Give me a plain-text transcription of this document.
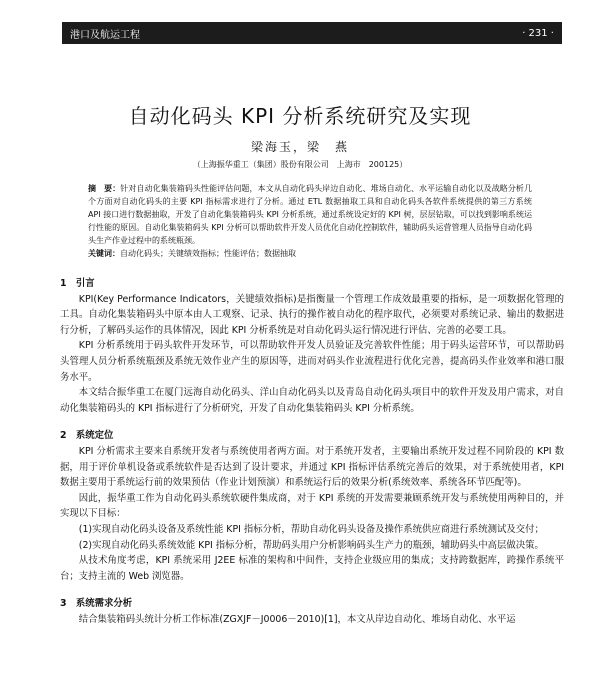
港口及航运工程	· 231 ·
自动化码头 KPI 分析系统研究及实现
梁海玉，梁　燕
（上海振华重工（集团）股份有限公司　上海市　200125）
摘　要：针对自动化集装箱码头性能评估问题，本文从自动化码头岸边自动化、堆场自动化、水平运输自动化以及战略分析几个方面对自动化码头的主要 KPI 指标需求进行了分析。通过 ETL 数据抽取工具和自动化码头各软件系统提供的第三方系统 API 接口进行数据抽取，开发了自动化集装箱码头 KPI 分析系统，通过系统设定好的 KPI 树，层层钻取，可以找到影响系统运行性能的原因。自动化集装箱码头 KPI 分析可以帮助软件开发人员优化自动化控制软件，辅助码头运营管理人员指导自动化码头生产作业过程中的系统瓶颈。
关键词：自动化码头；关键绩效指标；性能评估；数据抽取
1　引言

KPI(Key Performance Indicators，关键绩效指标)是指衡量一个管理工作成效最重要的指标，是一项数据化管理的工具。自动化集装箱码头中原本由人工观察、记录、执行的操作被自动化的程序取代，必须要对系统记录、输出的数据进行分析，了解码头运作的具体情况，因此 KPI 分析系统是对自动化码头运行情况进行评估、完善的必要工具。

KPI 分析系统用于码头软件开发环节，可以帮助软件开发人员验证及完善软件性能；用于码头运营环节，可以帮助码头管理人员分析系统瓶颈及系统无效作业产生的原因等，进而对码头作业流程进行优化完善，提高码头作业效率和港口服务水平。

本文结合振华重工在厦门远海自动化码头、洋山自动化码头以及青岛自动化码头项目中的软件开发及用户需求，对自动化集装箱码头的 KPI 指标进行了分析研究，开发了自动化集装箱码头 KPI 分析系统。

2　系统定位

KPI 分析需求主要来自系统开发者与系统使用者两方面。对于系统开发者，主要输出系统开发过程不同阶段的 KPI 数据，用于评价单机设备或系统软件是否达到了设计要求，并通过 KPI 指标评估系统完善后的效果，对于系统使用者，KPI 数据主要用于系统运行前的效果预估（作业计划预演）和系统运行后的效果分析(系统效率、系统各环节匹配等)。

因此，振华重工作为自动化码头系统软硬件集成商，对于 KPI 系统的开发需要兼顾系统开发与系统使用两种目的，并实现以下目标：

(1)实现自动化码头设备及系统性能 KPI 指标分析，帮助自动化码头设备及操作系统供应商进行系统测试及交付；

(2)实现自动化码头系统效能 KPI 指标分析，帮助码头用户分析影响码头生产力的瓶颈，辅助码头中高层做决策。

从技术角度考虑，KPI 系统采用 J2EE 标准的架构和中间件，支持企业级应用的集成；支持跨数据库，跨操作系统平台；支持主流的 Web 浏览器。

3　系统需求分析

结合集装箱码头统计分析工作标准(ZGXJF－J0006－2010)[1]，本文从岸边自动化、堆场自动化、水平运
